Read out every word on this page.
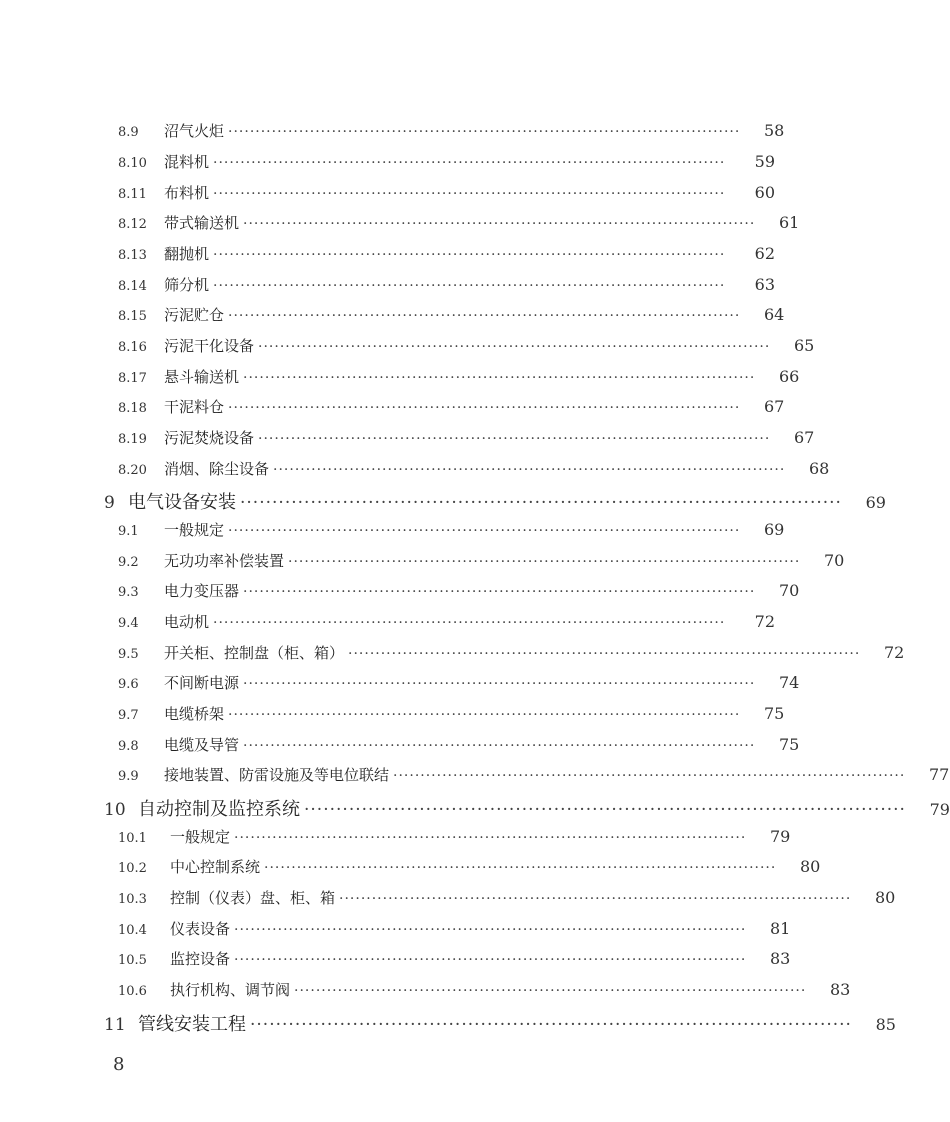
8.9	沼气火炬 ······························································································	58
8.10	混料机 ······························································································	59
8.11	布料机 ······························································································	60
8.12	带式输送机 ······························································································	61
8.13	翻抛机 ······························································································	62
8.14	筛分机 ······························································································	63
8.15	污泥贮仓 ······························································································	64
8.16	污泥干化设备 ······························································································	65
8.17	悬斗输送机 ······························································································	66
8.18	干泥料仓 ······························································································	67
8.19	污泥焚烧设备 ······························································································	67
8.20	消烟、除尘设备 ······························································································	68
9 电气设备安装 ······························································································	69
9.1	一般规定 ······························································································	69
9.2	无功功率补偿装置 ······························································································	70
9.3	电力变压器 ······························································································	70
9.4	电动机 ······························································································	72
9.5	开关柜、控制盘（柜、箱） ······························································································	72
9.6	不间断电源 ······························································································	74
9.7	电缆桥架 ······························································································	75
9.8	电缆及导管 ······························································································	75
9.9	接地装置、防雷设施及等电位联结 ······························································································	77
10 自动控制及监控系统 ······························································································	79
10.1	一般规定 ······························································································	79
10.2	中心控制系统 ······························································································	80
10.3	控制（仪表）盘、柜、箱 ······························································································	80
10.4	仪表设备 ······························································································	81
10.5	监控设备 ······························································································	83
10.6	执行机构、调节阀 ······························································································	83
11 管线安装工程 ······························································································	85
8
